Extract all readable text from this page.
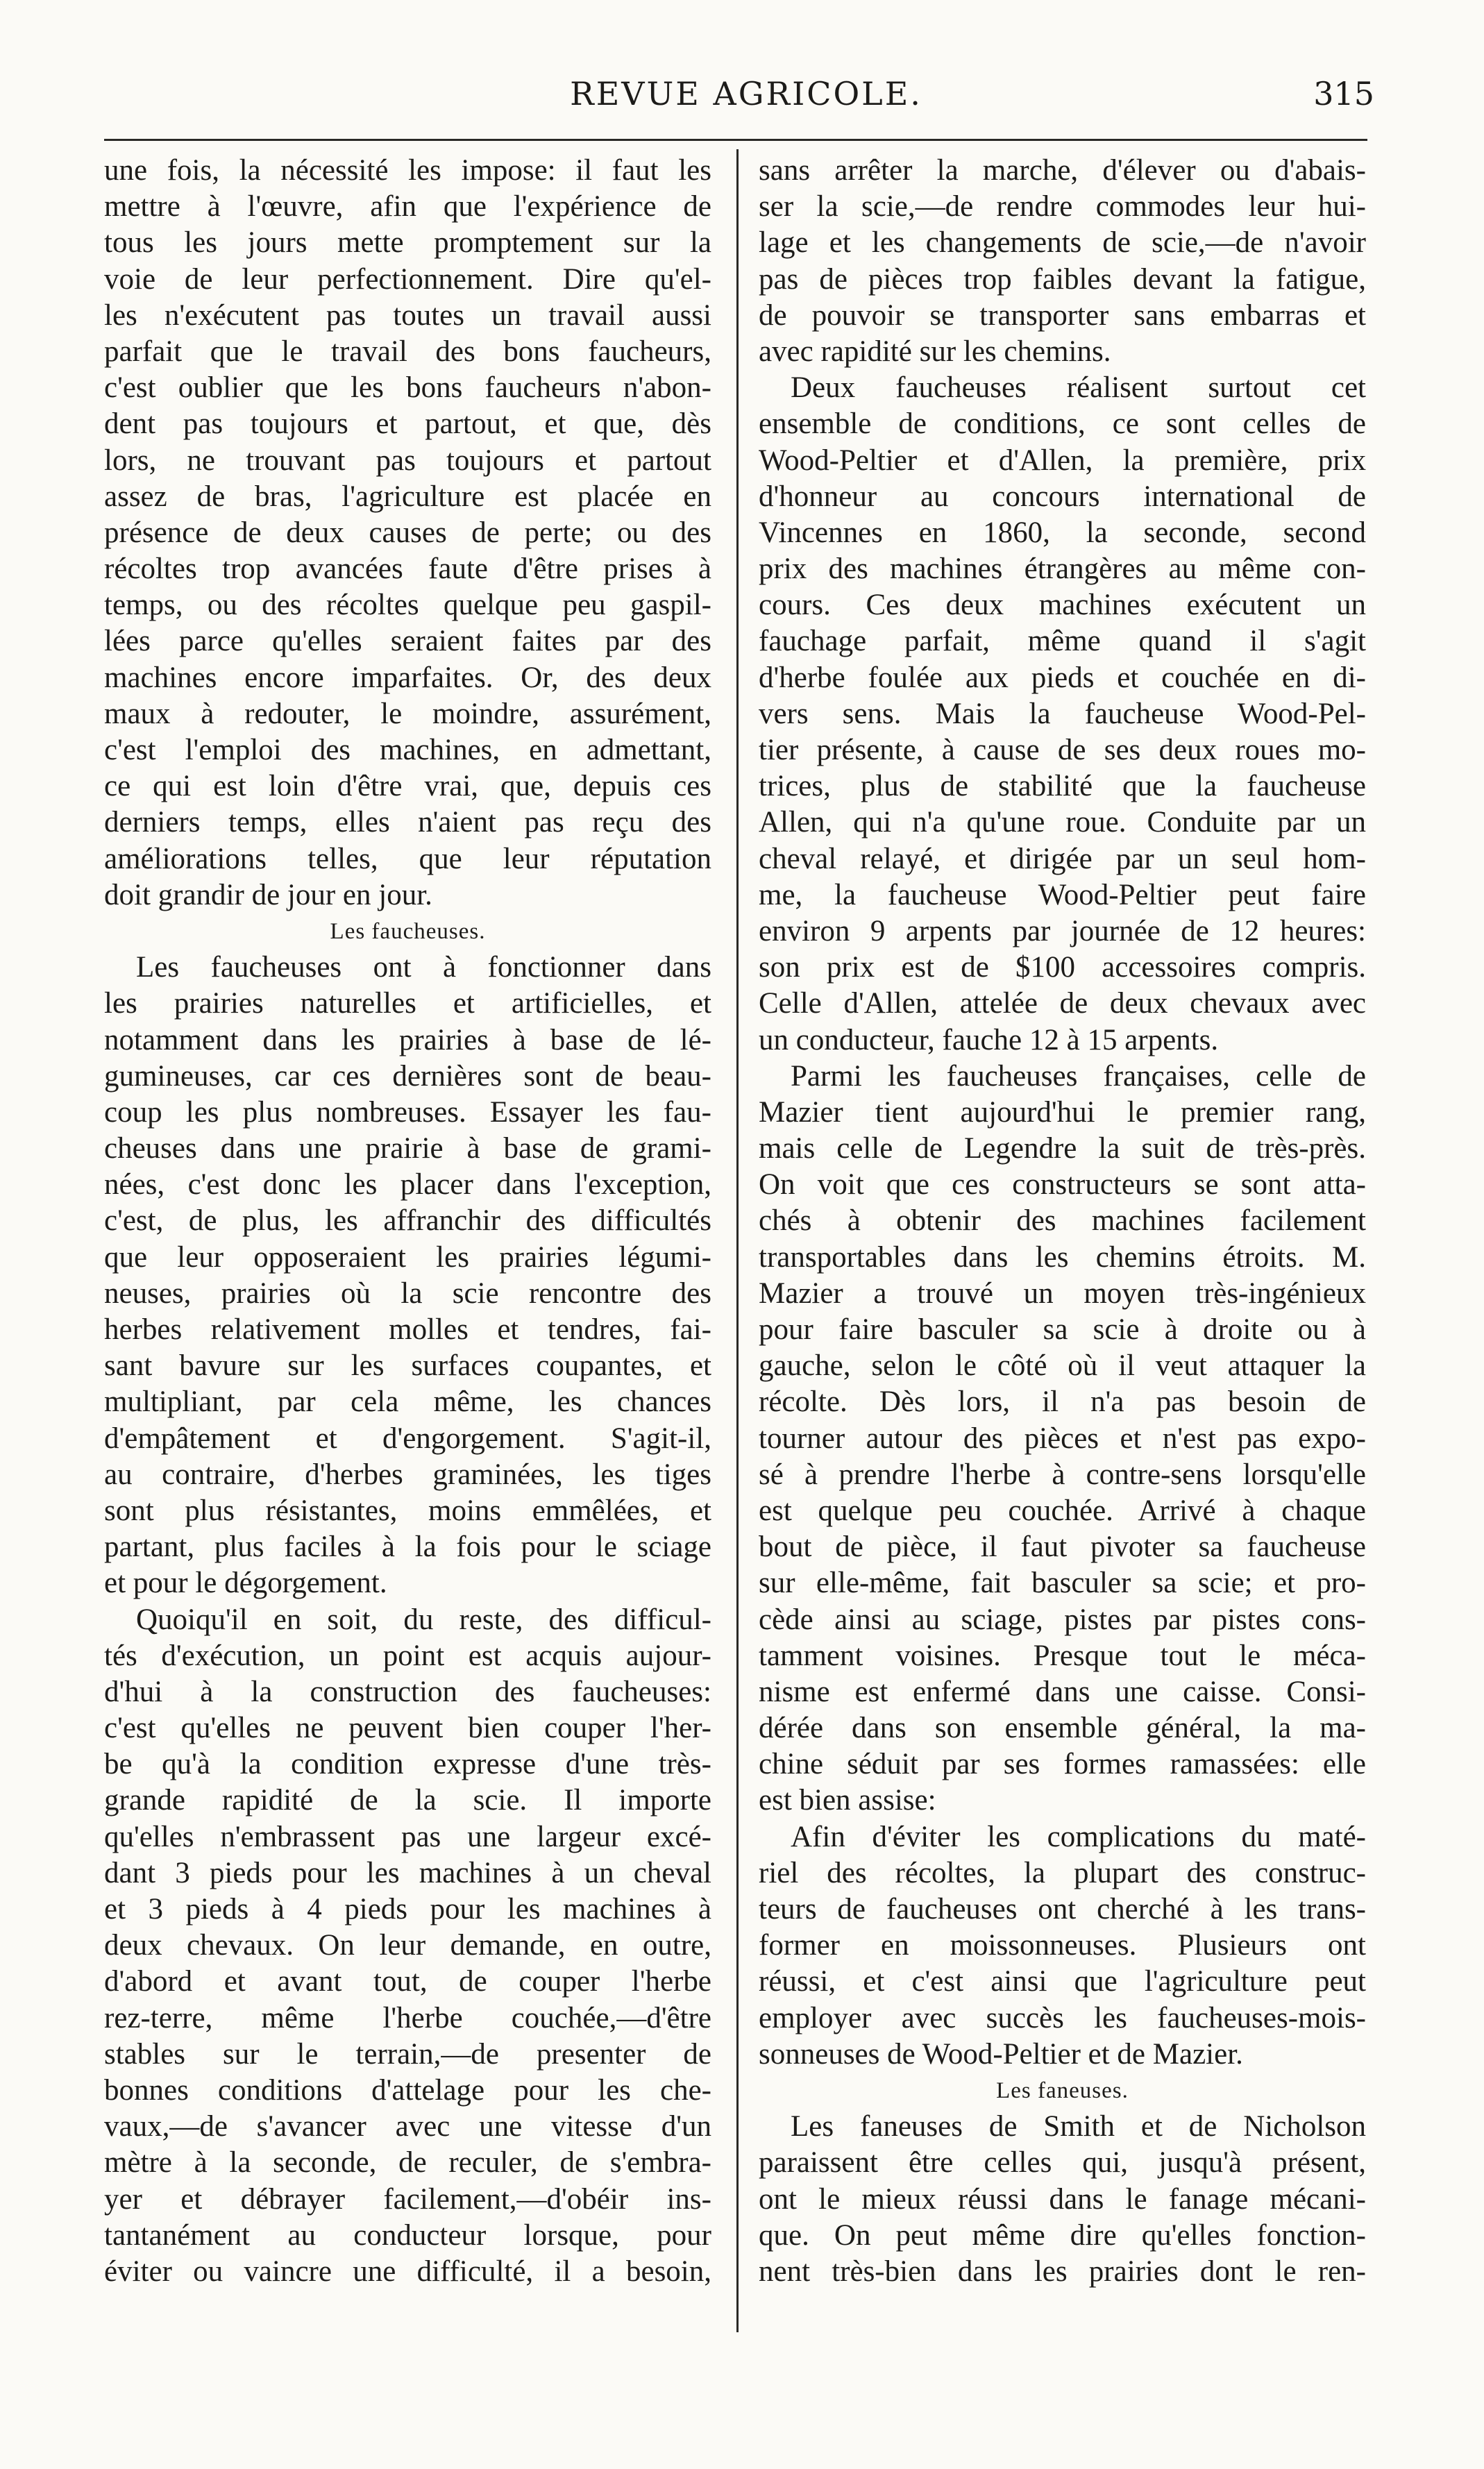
REVUE AGRICOLE.	315
une fois, la nécessité les impose: il faut les
mettre à l'œuvre, afin que l'expérience de
tous les jours mette promptement sur la
voie de leur perfectionnement. Dire qu'el-
les n'exécutent pas toutes un travail aussi
parfait que le travail des bons faucheurs,
c'est oublier que les bons faucheurs n'abon-
dent pas toujours et partout, et que, dès
lors, ne trouvant pas toujours et partout
assez de bras, l'agriculture est placée en
présence de deux causes de perte; ou des
récoltes trop avancées faute d'être prises à
temps, ou des récoltes quelque peu gaspil-
lées parce qu'elles seraient faites par des
machines encore imparfaites. Or, des deux
maux à redouter, le moindre, assurément,
c'est l'emploi des machines, en admettant,
ce qui est loin d'être vrai, que, depuis ces
derniers temps, elles n'aient pas reçu des
améliorations telles, que leur réputation
doit grandir de jour en jour.
Les faucheuses.
Les faucheuses ont à fonctionner dans
les prairies naturelles et artificielles, et
notamment dans les prairies à base de lé-
gumineuses, car ces dernières sont de beau-
coup les plus nombreuses. Essayer les fau-
cheuses dans une prairie à base de grami-
nées, c'est donc les placer dans l'exception,
c'est, de plus, les affranchir des difficultés
que leur opposeraient les prairies légumi-
neuses, prairies où la scie rencontre des
herbes relativement molles et tendres, fai-
sant bavure sur les surfaces coupantes, et
multipliant, par cela même, les chances
d'empâtement et d'engorgement. S'agit-il,
au contraire, d'herbes graminées, les tiges
sont plus résistantes, moins emmêlées, et
partant, plus faciles à la fois pour le sciage
et pour le dégorgement.
Quoiqu'il en soit, du reste, des difficul-
tés d'exécution, un point est acquis aujour-
d'hui à la construction des faucheuses:
c'est qu'elles ne peuvent bien couper l'her-
be qu'à la condition expresse d'une très-
grande rapidité de la scie. Il importe
qu'elles n'embrassent pas une largeur excé-
dant 3 pieds pour les machines à un cheval
et 3 pieds à 4 pieds pour les machines à
deux chevaux. On leur demande, en outre,
d'abord et avant tout, de couper l'herbe
rez-terre, même l'herbe couchée,—d'être
stables sur le terrain,—de presenter de
bonnes conditions d'attelage pour les che-
vaux,—de s'avancer avec une vitesse d'un
mètre à la seconde, de reculer, de s'embra-
yer et débrayer facilement,—d'obéir ins-
tantanément au conducteur lorsque, pour
éviter ou vaincre une difficulté, il a besoin,
sans arrêter la marche, d'élever ou d'abais-
ser la scie,—de rendre commodes leur hui-
lage et les changements de scie,—de n'avoir
pas de pièces trop faibles devant la fatigue,
de pouvoir se transporter sans embarras et
avec rapidité sur les chemins.
Deux faucheuses réalisent surtout cet
ensemble de conditions, ce sont celles de
Wood-Peltier et d'Allen, la première, prix
d'honneur au concours international de
Vincennes en 1860, la seconde, second
prix des machines étrangères au même con-
cours. Ces deux machines exécutent un
fauchage parfait, même quand il s'agit
d'herbe foulée aux pieds et couchée en di-
vers sens. Mais la faucheuse Wood-Pel-
tier présente, à cause de ses deux roues mo-
trices, plus de stabilité que la faucheuse
Allen, qui n'a qu'une roue. Conduite par un
cheval relayé, et dirigée par un seul hom-
me, la faucheuse Wood-Peltier peut faire
environ 9 arpents par journée de 12 heures:
son prix est de $100 accessoires compris.
Celle d'Allen, attelée de deux chevaux avec
un conducteur, fauche 12 à 15 arpents.
Parmi les faucheuses françaises, celle de
Mazier tient aujourd'hui le premier rang,
mais celle de Legendre la suit de très-près.
On voit que ces constructeurs se sont atta-
chés à obtenir des machines facilement
transportables dans les chemins étroits. M.
Mazier a trouvé un moyen très-ingénieux
pour faire basculer sa scie à droite ou à
gauche, selon le côté où il veut attaquer la
récolte. Dès lors, il n'a pas besoin de
tourner autour des pièces et n'est pas expo-
sé à prendre l'herbe à contre-sens lorsqu'elle
est quelque peu couchée. Arrivé à chaque
bout de pièce, il faut pivoter sa faucheuse
sur elle-même, fait basculer sa scie; et pro-
cède ainsi au sciage, pistes par pistes cons-
tamment voisines. Presque tout le méca-
nisme est enfermé dans une caisse. Consi-
dérée dans son ensemble général, la ma-
chine séduit par ses formes ramassées: elle
est bien assise:
Afin d'éviter les complications du maté-
riel des récoltes, la plupart des construc-
teurs de faucheuses ont cherché à les trans-
former en moissonneuses. Plusieurs ont
réussi, et c'est ainsi que l'agriculture peut
employer avec succès les faucheuses-mois-
sonneuses de Wood-Peltier et de Mazier.
Les faneuses.
Les faneuses de Smith et de Nicholson
paraissent être celles qui, jusqu'à présent,
ont le mieux réussi dans le fanage mécani-
que. On peut même dire qu'elles fonction-
nent très-bien dans les prairies dont le ren-
